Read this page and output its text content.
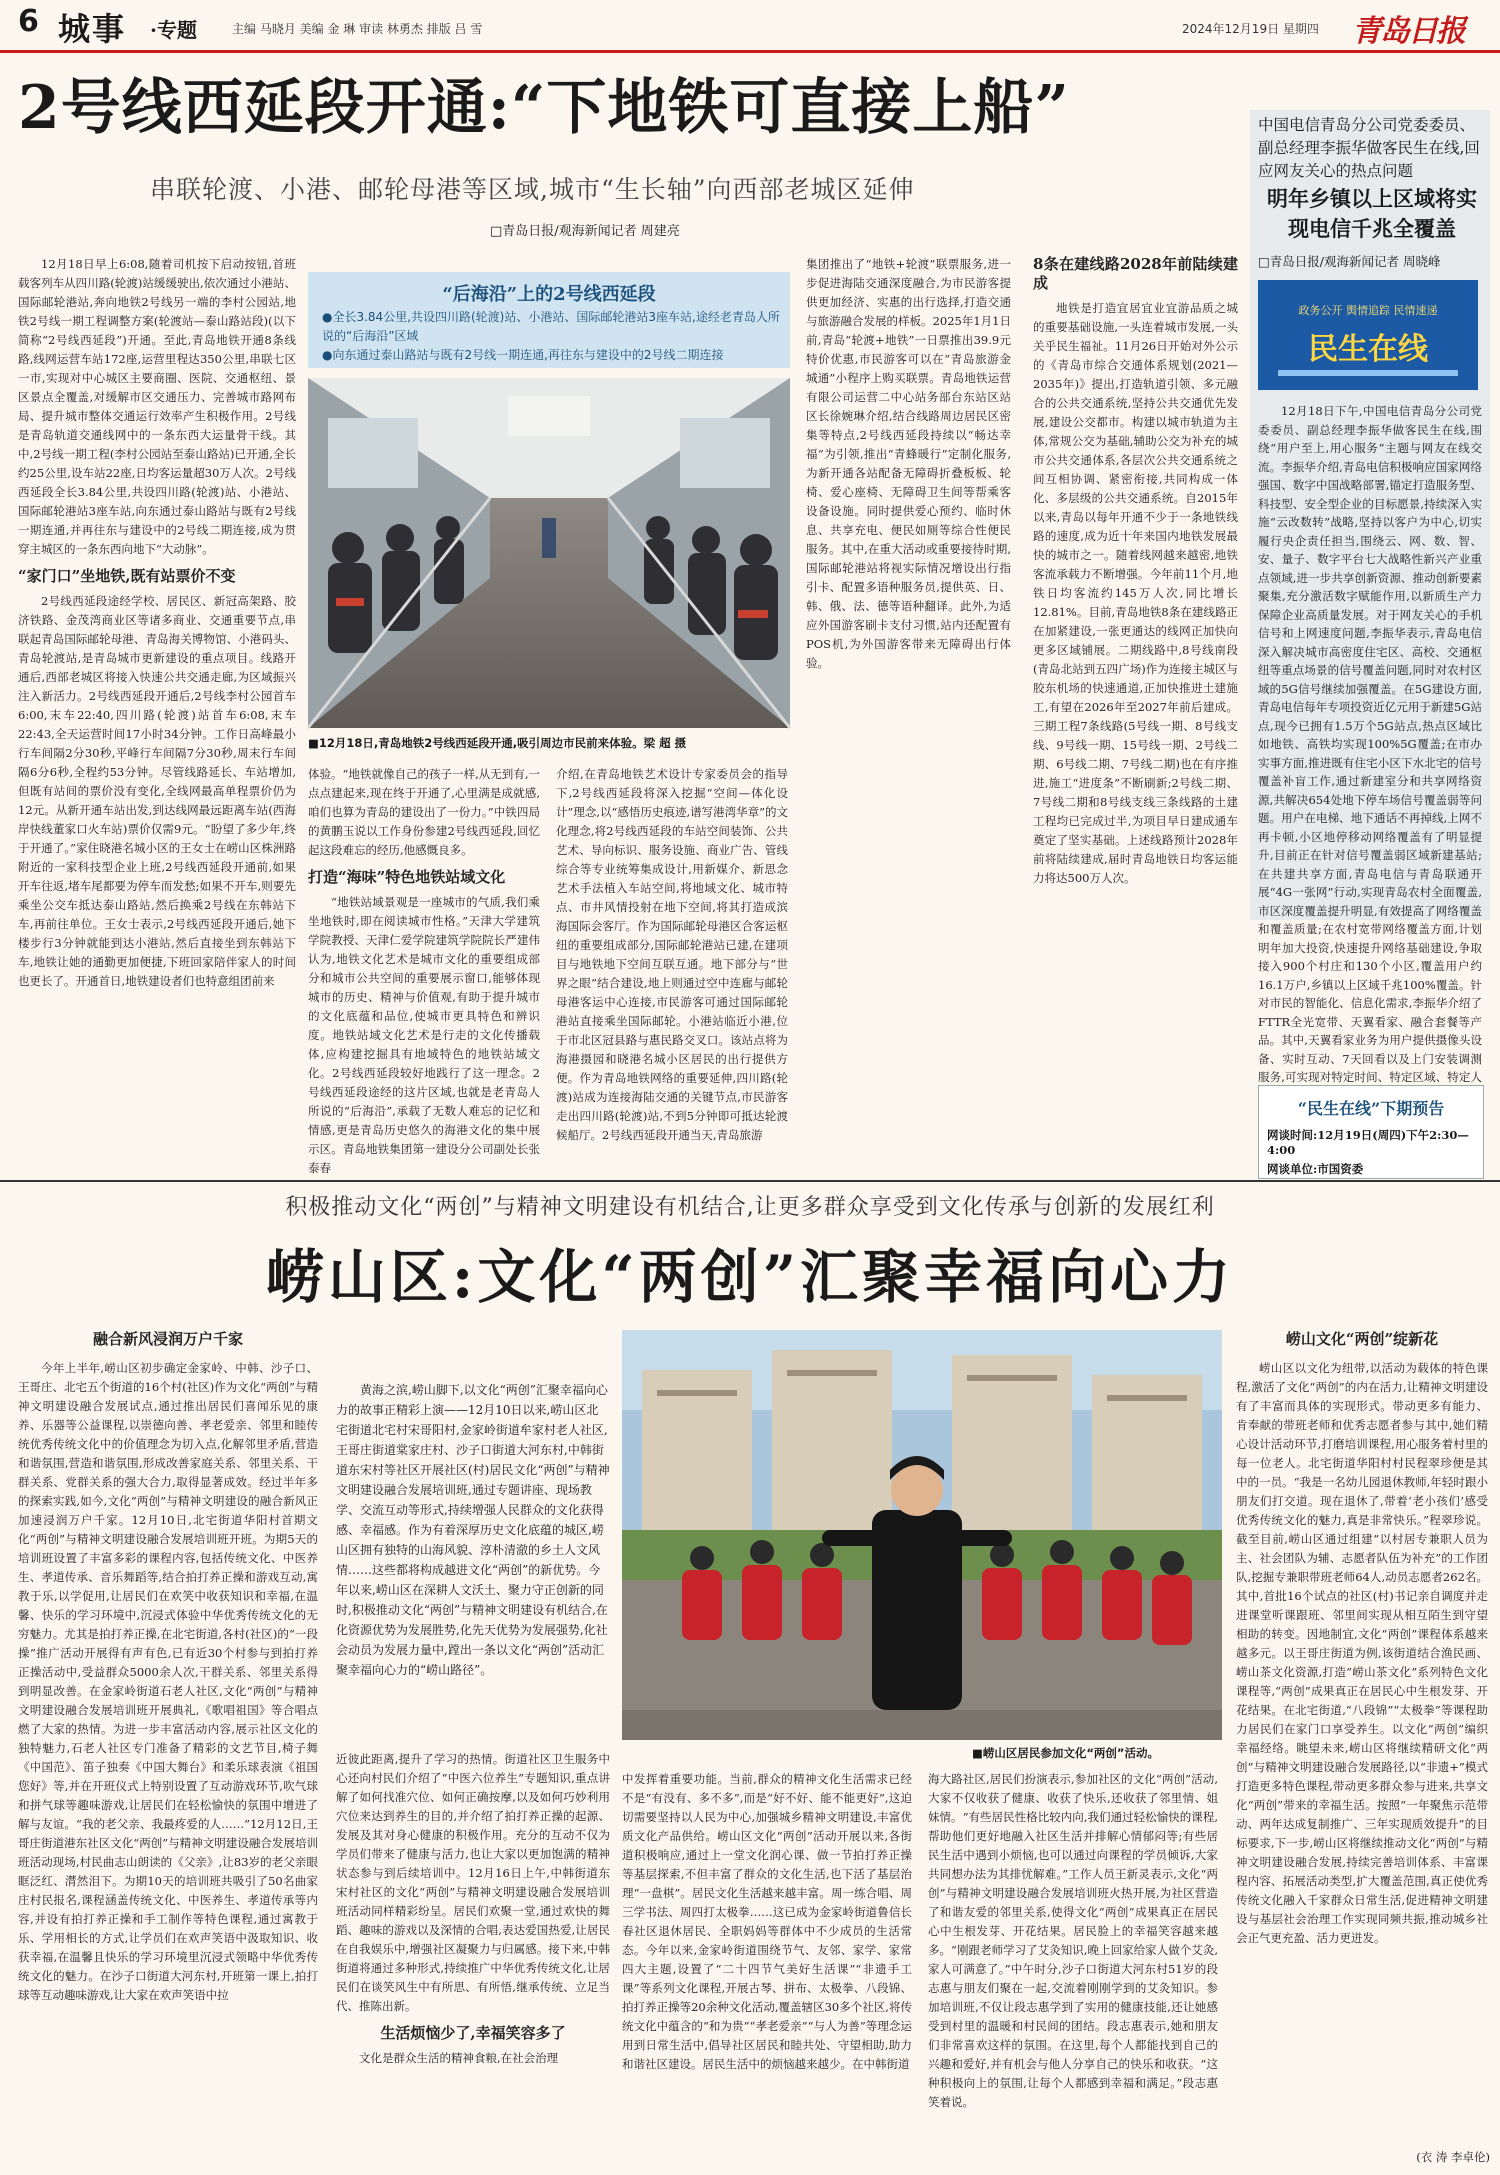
6 城事 ·专题	主编 马晓月 美编 金 琳 审读 林勇杰 排版 吕 雪	2024年12月19日 星期四 青岛日报
2号线西延段开通:“下地铁可直接上船”
串联轮渡、小港、邮轮母港等区域,城市“生长轴”向西部老城区延伸
□青岛日报/观海新闻记者 周建亮

12月18日早上6:08,随着司机按下启动按钮,首班载客列车从四川路(轮渡)站缓缓驶出,依次通过小港站、国际邮轮港站,奔向地铁2号线另一端的李村公园站,地铁2号线一期工程调整方案(轮渡站—泰山路站段)(以下简称“2号线西延段”)开通。至此,青岛地铁开通8条线路,线网运营车站172座,运营里程达350公里,串联七区一市,实现对中心城区主要商圈、医院、交通枢纽、景区景点全覆盖,对缓解市区交通压力、完善城市路网布局、提升城市整体交通运行效率产生积极作用。2号线是青岛轨道交通线网中的一条东西大运量骨干线。其中,2号线一期工程(李村公园站至泰山路站)已开通,全长约25公里,设车站22座,日均客运量超30万人次。2号线西延段全长3.84公里,共设四川路(轮渡)站、小港站、国际邮轮港站3座车站,向东通过泰山路站与既有2号线一期连通,并再往东与建设中的2号线二期连接,成为贯穿主城区的一条东西向地下“大动脉”。

“家门口”坐地铁,既有站票价不变

2号线西延段途经学校、居民区、新冠高架路、胶济铁路、金茂湾商业区等诸多商业、交通重要节点,串联起青岛国际邮轮母港、青岛海关博物馆、小港码头、青岛轮渡站,是青岛城市更新建设的重点项目。线路开通后,西部老城区将接入快速公共交通走廊,为区域振兴注入新活力。2号线西延段开通后,2号线李村公园首车6:00,末车22:40,四川路(轮渡)站首车6:08,末车22:43,全天运营时间17小时34分钟。工作日高峰最小行车间隔2分30秒,平峰行车间隔7分30秒,周末行车间隔6分6秒,全程约53分钟。尽管线路延长、车站增加,但既有站间的票价没有变化,全线网最高单程票价仍为12元。从新开通车站出发,到达线网最远距离车站(西海岸快线董家口火车站)票价仅需9元。“盼望了多少年,终于开通了。”家住晓港名城小区的王女士在崂山区株洲路附近的一家科技型企业上班,2号线西延段开通前,如果开车往返,堵车尾都要为停车而发愁;如果不开车,则要先乘坐公交车抵达泰山路站,然后换乘2号线在东韩站下车,再前往单位。王女士表示,2号线西延段开通后,她下楼步行3分钟就能到达小港站,然后直接坐到东韩站下车,地铁让她的通勤更加便捷,下班回家陪伴家人的时间也更长了。开通首日,地铁建设者们也特意组团前来

“后海沿”上的2号线西延段
●全长3.84公里,共设四川路(轮渡)站、小港站、国际邮轮港站3座车站,途经老青岛人所说的“后海沿”区域
●向东通过泰山路站与既有2号线一期连通,再往东与建设中的2号线二期连接
■12月18日,青岛地铁2号线西延段开通,吸引周边市民前来体验。梁 超 摄

体验。“地铁就像自己的孩子一样,从无到有,一点点建起来,现在终于开通了,心里满是成就感,咱们也算为青岛的建设出了一份力。”中铁四局的黄鹏玉说以工作身份参建2号线西延段,回忆起这段难忘的经历,他感慨良多。

打造“海味”特色地铁站域文化

“地铁站域景观是一座城市的气质,我们乘坐地铁时,即在阅读城市性格。”天津大学建筑学院教授、天津仁爱学院建筑学院院长严建伟认为,地铁文化艺术是城市文化的重要组成部分和城市公共空间的重要展示窗口,能够体现城市的历史、精神与价值观,有助于提升城市的文化底蕴和品位,使城市更具特色和辨识度。地铁站域文化艺术是行走的文化传播载体,应构建挖掘具有地域特色的地铁站域文化。2号线西延段较好地践行了这一理念。2号线西延段途经的这片区域,也就是老青岛人所说的“后海沿”,承载了无数人难忘的记忆和情感,更是青岛历史悠久的海港文化的集中展示区。青岛地铁集团第一建设分公司副处长张泰春

介绍,在青岛地铁艺术设计专家委员会的指导下,2号线西延段将深入挖掘“空间—体化设计”理念,以“感悟历史痕迹,谱写港湾华章”的文化理念,将2号线西延段的车站空间装饰、公共艺术、导向标识、服务设施、商业广告、管线综合等专业统筹集成设计,用新媒介、新思念艺术手法植入车站空间,将地域文化、城市特点、市井风情投射在地下空间,将其打造成滨海国际会客厅。作为国际邮轮母港区合客运枢纽的重要组成部分,国际邮轮港站已建,在建项目与地铁地下空间互联互通。地下部分与“世界之眼”结合建设,地上则通过空中连廊与邮轮母港客运中心连接,市民游客可通过国际邮轮港站直接乘坐国际邮轮。小港站临近小港,位于市北区冠县路与惠民路交叉口。该站点将为海港摄园和晓港名城小区居民的出行提供方便。作为青岛地铁网络的重要延伸,四川路(轮渡)站成为连接海陆交通的关键节点,市民游客走出四川路(轮渡)站,不到5分钟即可抵达轮渡候船厅。2号线西延段开通当天,青岛旅游

集团推出了“地铁+轮渡”联票服务,进一步促进海陆交通深度融合,为市民游客提供更加经济、实惠的出行选择,打造交通与旅游融合发展的样板。2025年1月1日前,青岛“轮渡+地铁”一日票推出39.9元特价优惠,市民游客可以在“青岛旅游金城通”小程序上购买联票。青岛地铁运营有限公司运营二中心站务部台东站区站区长徐婉琳介绍,结合线路周边居民区密集等特点,2号线西延段持续以“畅达幸福”为引领,推出“青蜂暖行”定制化服务,为新开通各站配备无障碍折叠板板、轮椅、爱心座椅、无障碍卫生间等帮乘客设备设施。同时提供爱心预约、临时休息、共享充电、便民如厕等综合性便民服务。其中,在重大活动或重要接待时期,国际邮轮港站将视实际情况增设出行指引卡、配置多语种服务员,提供英、日、韩、俄、法、德等语种翻译。此外,为适应外国游客刷卡支付习惯,站内还配置有POS机,为外国游客带来无障碍出行体验。

8条在建线路2028年前陆续建成

地铁是打造宜居宜业宜游品质之城的重要基础设施,一头连着城市发展,一头关乎民生福祉。11月26日开始对外公示的《青岛市综合交通体系规划(2021—2035年)》提出,打造轨道引领、多元融合的公共交通系统,坚持公共交通优先发展,建设公交都市。构建以城市轨道为主体,常规公交为基础,辅助公交为补充的城市公共交通体系,各层次公共交通系统之间互相协调、紧密衔接,共同构成一体化、多层级的公共交通系统。自2015年以来,青岛以每年开通不少于一条地铁线路的速度,成为近十年来国内地铁发展最快的城市之一。随着线网越来越密,地铁客流承载力不断增强。今年前11个月,地铁日均客流约145万人次,同比增长12.81%。目前,青岛地铁8条在建线路正在加紧建设,一张更通达的线网正加快向更多区域铺展。二期线路中,8号线南段(青岛北站到五四广场)作为连接主城区与胶东机场的快速通道,正加快推进土建施工,有望在2026年至2027年前后建成。三期工程7条线路(5号线一期、8号线支线、9号线一期、15号线一期、2号线二期、6号线二期、7号线二期)也在有序推进,施工“进度条”不断刷新;2号线二期、7号线二期和8号线支线三条线路的土建工程均已完成过半,为项目早日建成通车奠定了坚实基础。上述线路预计2028年前将陆续建成,届时青岛地铁日均客运能力将达500万人次。

中国电信青岛分公司党委委员、副总经理李振华做客民生在线,回应网友关心的热点问题
明年乡镇以上区域将实现电信千兆全覆盖
□青岛日报/观海新闻记者 周晓峰
政务公开 舆情追踪 民情速递
民生在线

12月18日下午,中国电信青岛分公司党委委员、副总经理李振华做客民生在线,围绕“用户至上,用心服务”主题与网友在线交流。李振华介绍,青岛电信积极响应国家网络强国、数字中国战略部署,锚定打造服务型、科技型、安全型企业的目标愿景,持续深入实施“云改数转”战略,坚持以客户为中心,切实履行央企责任担当,围绕云、网、数、智、安、量子、数字平台七大战略性新兴产业重点领域,进一步共享创新资源、推动创新要素聚集,充分激活数字赋能作用,以新质生产力保障企业高质量发展。对于网友关心的手机信号和上网速度问题,李振华表示,青岛电信深入解决城市高密度住宅区、高校、交通枢纽等重点场景的信号覆盖问题,同时对农村区域的5G信号继续加强覆盖。在5G建设方面,青岛电信每年专项投资近亿元用于新建5G站点,现今已拥有1.5万个5G站点,热点区域比如地铁、高铁均实现100%5G覆盖;在市办实事方面,推进既有住宅小区下水北宅的信号覆盖补盲工作,通过新建室分和共享网络资源,共解决654处地下停车场信号覆盖弱等问题。用户在电梯、地下通话不再掉线,上网不再卡顿,小区地停移动网络覆盖有了明显提升,目前正在针对信号覆盖弱区域新建基站;在共建共享方面,青岛电信与青岛联通开展“4G一张网”行动,实现青岛农村全面覆盖,市区深度覆盖提升明显,有效提高了网络覆盖和覆盖质量;在农村宽带网络覆盖方面,计划明年加大投资,快速提升网络基础建设,争取接入900个村庄和130个小区,覆盖用户约16.1万户,乡镇以上区域千兆100%覆盖。针对市民的智能化、信息化需求,李振华介绍了FTTR全光宽带、天翼看家、融合套餐等产品。其中,天翼看家业务为用户提供摄像头设备、实时互动、7天回看以及上门安装调测服务,可实现对特定时间、特定区域、特定人

“民生在线”下期预告
网谈时间:12月19日(周四)下午2:30—4:00
网谈单位:市国资委
积极推动文化“两创”与精神文明建设有机结合,让更多群众享受到文化传承与创新的发展红利
崂山区:文化“两创”汇聚幸福向心力
融合新风浸润万户千家

今年上半年,崂山区初步确定金家岭、中韩、沙子口、王哥庄、北宅五个街道的16个村(社区)作为文化“两创”与精神文明建设融合发展试点,通过推出居民们喜闻乐见的康养、乐器等公益课程,以崇德向善、孝老爱亲、邻里和睦传统优秀传统文化中的价值理念为切入点,化解邻里矛盾,营造和谐氛围,营造和谐氛围,形成改善家庭关系、邻里关系、干群关系、党群关系的强大合力,取得显著成效。经过半年多的探索实践,如今,文化“两创”与精神文明建设的融合新风正加速浸润万户千家。12月10日,北宅街道华阳村首期文化“两创”与精神文明建设融合发展培训班开班。为期5天的培训班设置了丰富多彩的课程内容,包括传统文化、中医养生、孝道传承、音乐舞蹈等,结合拍打养正操和游戏互动,寓教于乐,以学促用,让居民们在欢笑中收获知识和幸福,在温馨、快乐的学习环境中,沉浸式体验中华优秀传统文化的无穷魅力。尤其是拍打养正操,在北宅街道,各村(社区)的“一段操”推广活动开展得有声有色,已有近30个村参与到拍打养正操活动中,受益群众5000余人次,干群关系、邻里关系得到明显改善。在金家岭街道石老人社区,文化“两创”与精神文明建设融合发展培训班开展典礼,《歌唱祖国》等合唱点燃了大家的热情。为进一步丰富活动内容,展示社区文化的独特魅力,石老人社区专门准备了精彩的文艺节目,椅子舞《中国范》、笛子独奏《中国大舞台》和柔乐球表演《祖国您好》等,并在开班仪式上特别设置了互动游戏环节,吹气球和拼气球等趣味游戏,让居民们在轻松愉快的氛围中增进了解与友谊。“我的老父亲、我最疼爱的人……”12月12日,王哥庄街道港东社区文化“两创”与精神文明建设融合发展培训班活动现场,村民曲志山朗读的《父亲》,让83岁的老父亲眼眶泛红、潸然泪下。为期10天的培训班共吸引了50名曲家庄村民报名,课程涵盖传统文化、中医养生、孝道传承等内容,并设有拍打养正操和手工制作等特色课程,通过寓教于乐、学用相长的方式,让学员们在欢声笑语中汲取知识、收获幸福,在温馨且快乐的学习环境里沉浸式领略中华优秀传统文化的魅力。在沙子口街道大河东村,开班第一课上,拍打球等互动趣味游戏,让大家在欢声笑语中拉

黄海之滨,崂山脚下,以文化“两创”汇聚幸福向心力的故事正精彩上演——12月10日以来,崂山区北宅街道北宅村宋哥阳村,金家岭街道牟家村老人社区,王哥庄街道棠家庄村、沙子口街道大河东村,中韩街道东宋村等社区开展社区(村)居民文化“两创”与精神文明建设融合发展培训班,通过专题讲座、现场教学、交流互动等形式,持续增强人民群众的文化获得感、幸福感。作为有着深厚历史文化底蕴的城区,崂山区拥有独特的山海风貌、淳朴清澈的乡土人文风情……这些都将构成越进文化“两创”的新优势。今年以来,崂山区在深耕人文沃土、聚力守正创新的同时,积极推动文化“两创”与精神文明建设有机结合,在化资源优势为发展胜势,化先天优势为发展强势,化社会动员为发展力量中,蹚出一条以文化“两创”活动汇聚幸福向心力的“崂山路径”。

■崂山区居民参加文化“两创”活动。

近彼此距离,提升了学习的热情。街道社区卫生服务中心还向村民们介绍了“中医六位养生”专题知识,重点讲解了如何找准穴位、如何正确按摩,以及如何巧妙利用穴位来达到养生的目的,并介绍了拍打养正操的起源、发展及其对身心健康的积极作用。充分的互动不仅为学员们带来了健康与活力,也让大家以更加饱满的精神状态参与到后续培训中。12月16日上午,中韩街道东宋村社区的文化“两创”与精神文明建设融合发展培训班活动同样精彩纷呈。居民们欢聚一堂,通过欢快的舞蹈、趣味的游戏以及深情的合唱,表达爱国热爱,让居民在自我娱乐中,增强社区凝聚力与归属感。接下来,中韩街道将通过多种形式,持续推广中华优秀传统文化,让居民们在谈笑风生中有所思、有所悟,继承传统、立足当代、推陈出新。

生活烦恼少了,幸福笑容多了

文化是群众生活的精神食粮,在社会治理

中发挥着重要功能。当前,群众的精神文化生活需求已经不是“有没有、多不多”,而是“好不好、能不能更好”,这迫切需要坚持以人民为中心,加强城乡精神文明建设,丰富优质文化产品供给。崂山区文化“两创”活动开展以来,各街道积极响应,通过上一堂文化润心课、做一节拍打养正操等基层探索,不但丰富了群众的文化生活,也下活了基层治理“一盘棋”。居民文化生活越来越丰富。周一练合唱、周三学书法、周四打太极拳……这已成为金家岭街道鲁信长春社区退休居民、全职妈妈等群体中不少成员的生活常态。今年以来,金家岭街道围绕节气、友邻、家学、家常四大主题,设置了“二十四节气美好生活课”“非遗手工课”等系列文化课程,开展古琴、拼布、太极拳、八段锦、拍打养正操等20余种文化活动,覆盖辖区30多个社区,将传统文化中蕴含的“和为贵”“孝老爱亲”“与人为善”等理念运用到日常生活中,倡导社区居民和睦共处、守望相助,助力和谐社区建设。居民生活中的烦恼越来越少。在中韩街道

海大路社区,居民们扮演表示,参加社区的文化“两创”活动,大家不仅收获了健康、收获了快乐,还收获了邻里情、姐妹情。“有些居民性格比较内向,我们通过轻松愉快的课程,帮助他们更好地融入社区生活并排解心情郁闷等;有些居民生活中遇到小烦恼,也可以通过向课程的学员倾诉,大家共同想办法为其排忧解难。”工作人员王新灵表示,文化“两创”与精神文明建设融合发展培训班火热开展,为社区营造了和谐友爱的邻里关系,使得文化“两创”成果真正在居民心中生根发芽、开花结果。居民脸上的幸福笑容越来越多。“刚跟老师学习了艾灸知识,晚上回家给家人做个艾灸,家人可满意了。”中午时分,沙子口街道大河东村51岁的段志惠与朋友们聚在一起,交流着刚刚学到的艾灸知识。参加培训班,不仅让段志惠学到了实用的健康技能,还让她感受到村里的温暖和村民间的团结。段志惠表示,她和朋友们非常喜欢这样的氛围。在这里,每个人都能找到自己的兴趣和爱好,并有机会与他人分享自己的快乐和收获。“这种积极向上的氛围,让每个人都感到幸福和满足。”段志惠笑着说。

崂山文化“两创”绽新花

崂山区以文化为纽带,以活动为载体的特色课程,激活了文化“两创”的内在活力,让精神文明建设有了丰富而具体的实现形式。带动更多有能力、肯奉献的带班老师和优秀志愿者参与其中,她们精心设计活动环节,打磨培训课程,用心服务着村里的每一位老人。北宅街道华阳村村民程翠珍便是其中的一员。“我是一名幼儿园退休教师,年轻时跟小朋友们打交道。现在退休了,带着‘老小孩们’感受优秀传统文化的魅力,真是非常快乐。”程翠珍说。截至目前,崂山区通过组建“以村居专兼职人员为主、社会团队为辅、志愿者队伍为补充”的工作团队,挖掘专兼职带班老师64人,动员志愿者262名。其中,首批16个试点的社区(村)书记亲自调度并走进课堂听课跟班、邻里间实现从相互陌生到守望相助的转变。因地制宜,文化“两创”课程体系越来越多元。以王哥庄街道为例,该街道结合渔民画、崂山茶文化资源,打造“崂山茶文化”系列特色文化课程等,“两创”成果真正在居民心中生根发芽、开花结果。在北宅街道,“八段锦”“太极拳”等课程助力居民们在家门口享受养生。以文化“两创”编织幸福经络。眺望未来,崂山区将继续精研文化“两创”与精神文明建设融合发展路径,以“非遗+”模式打造更多特色课程,带动更多群众参与进来,共享文化“两创”带来的幸福生活。按照“一年聚焦示范带动、两年达成复制推广、三年实现质效提升”的目标要求,下一步,崂山区将继续推动文化“两创”与精神文明建设融合发展,持续完善培训体系、丰富课程内容、拓展活动类型,扩大覆盖范围,真正使优秀传统文化融入千家群众日常生活,促进精神文明建设与基层社会治理工作实现同频共振,推动城乡社会正气更充盈、活力更迸发。

(衣 涛 李卓伦)
